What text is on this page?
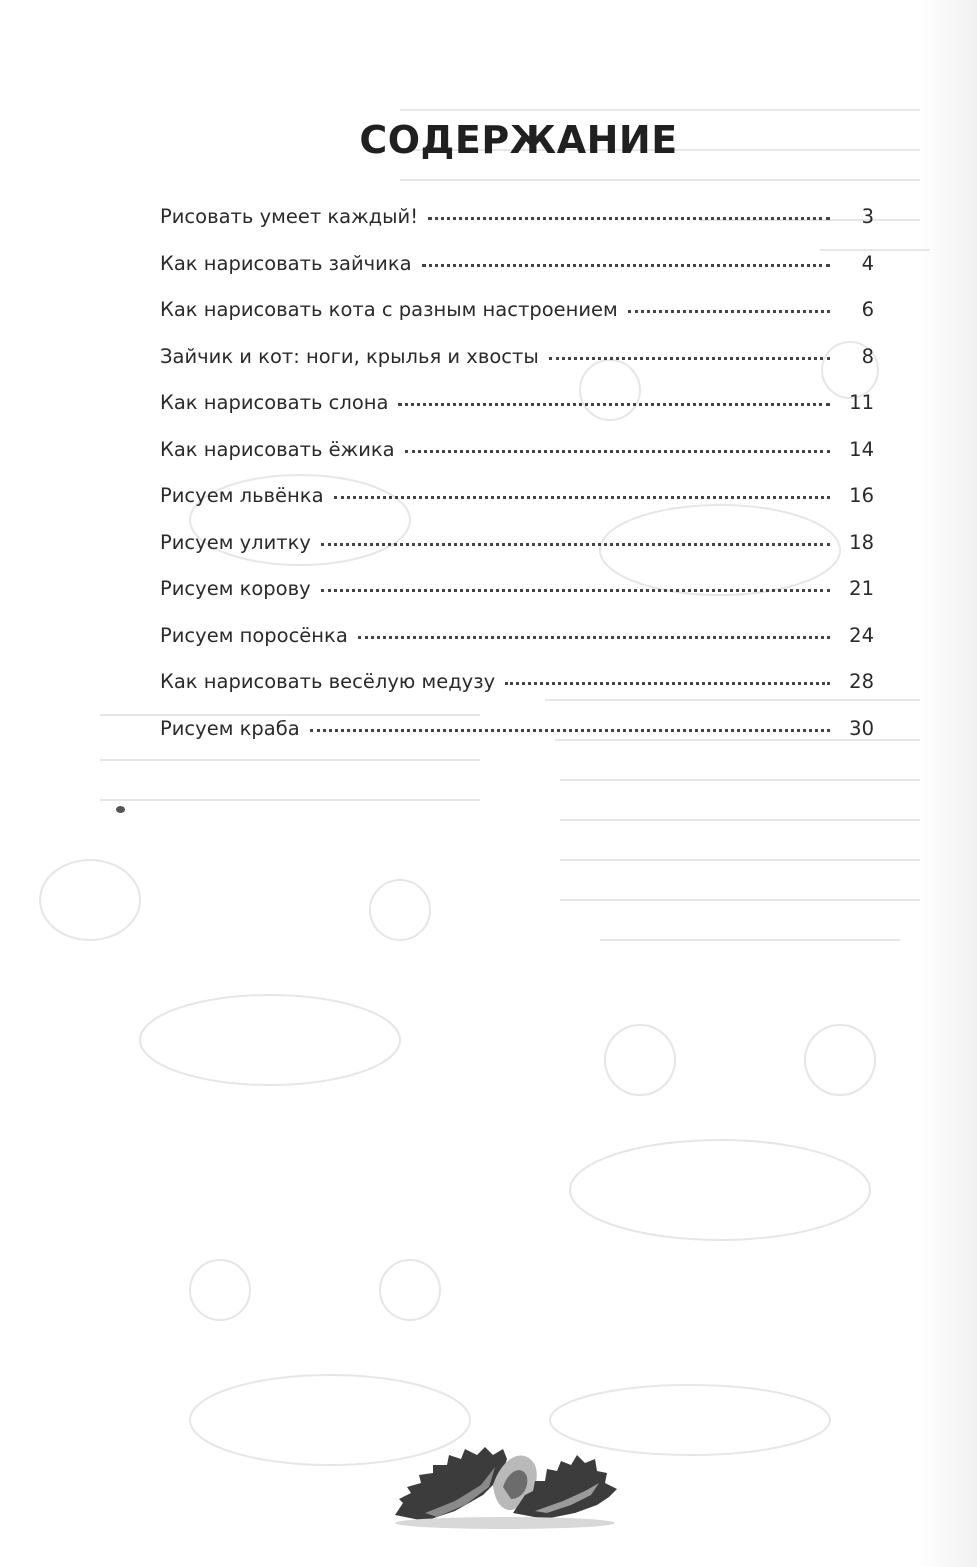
СОДЕРЖАНИЕ
Рисовать умеет каждый!	3
Как нарисовать зайчика	4
Как нарисовать кота с разным настроением	6
Зайчик и кот: ноги, крылья и хвосты	8
Как нарисовать слона	11
Как нарисовать ёжика	14
Рисуем львёнка	16
Рисуем улитку	18
Рисуем корову	21
Рисуем поросёнка	24
Как нарисовать весёлую медузу	28
Рисуем краба	30
